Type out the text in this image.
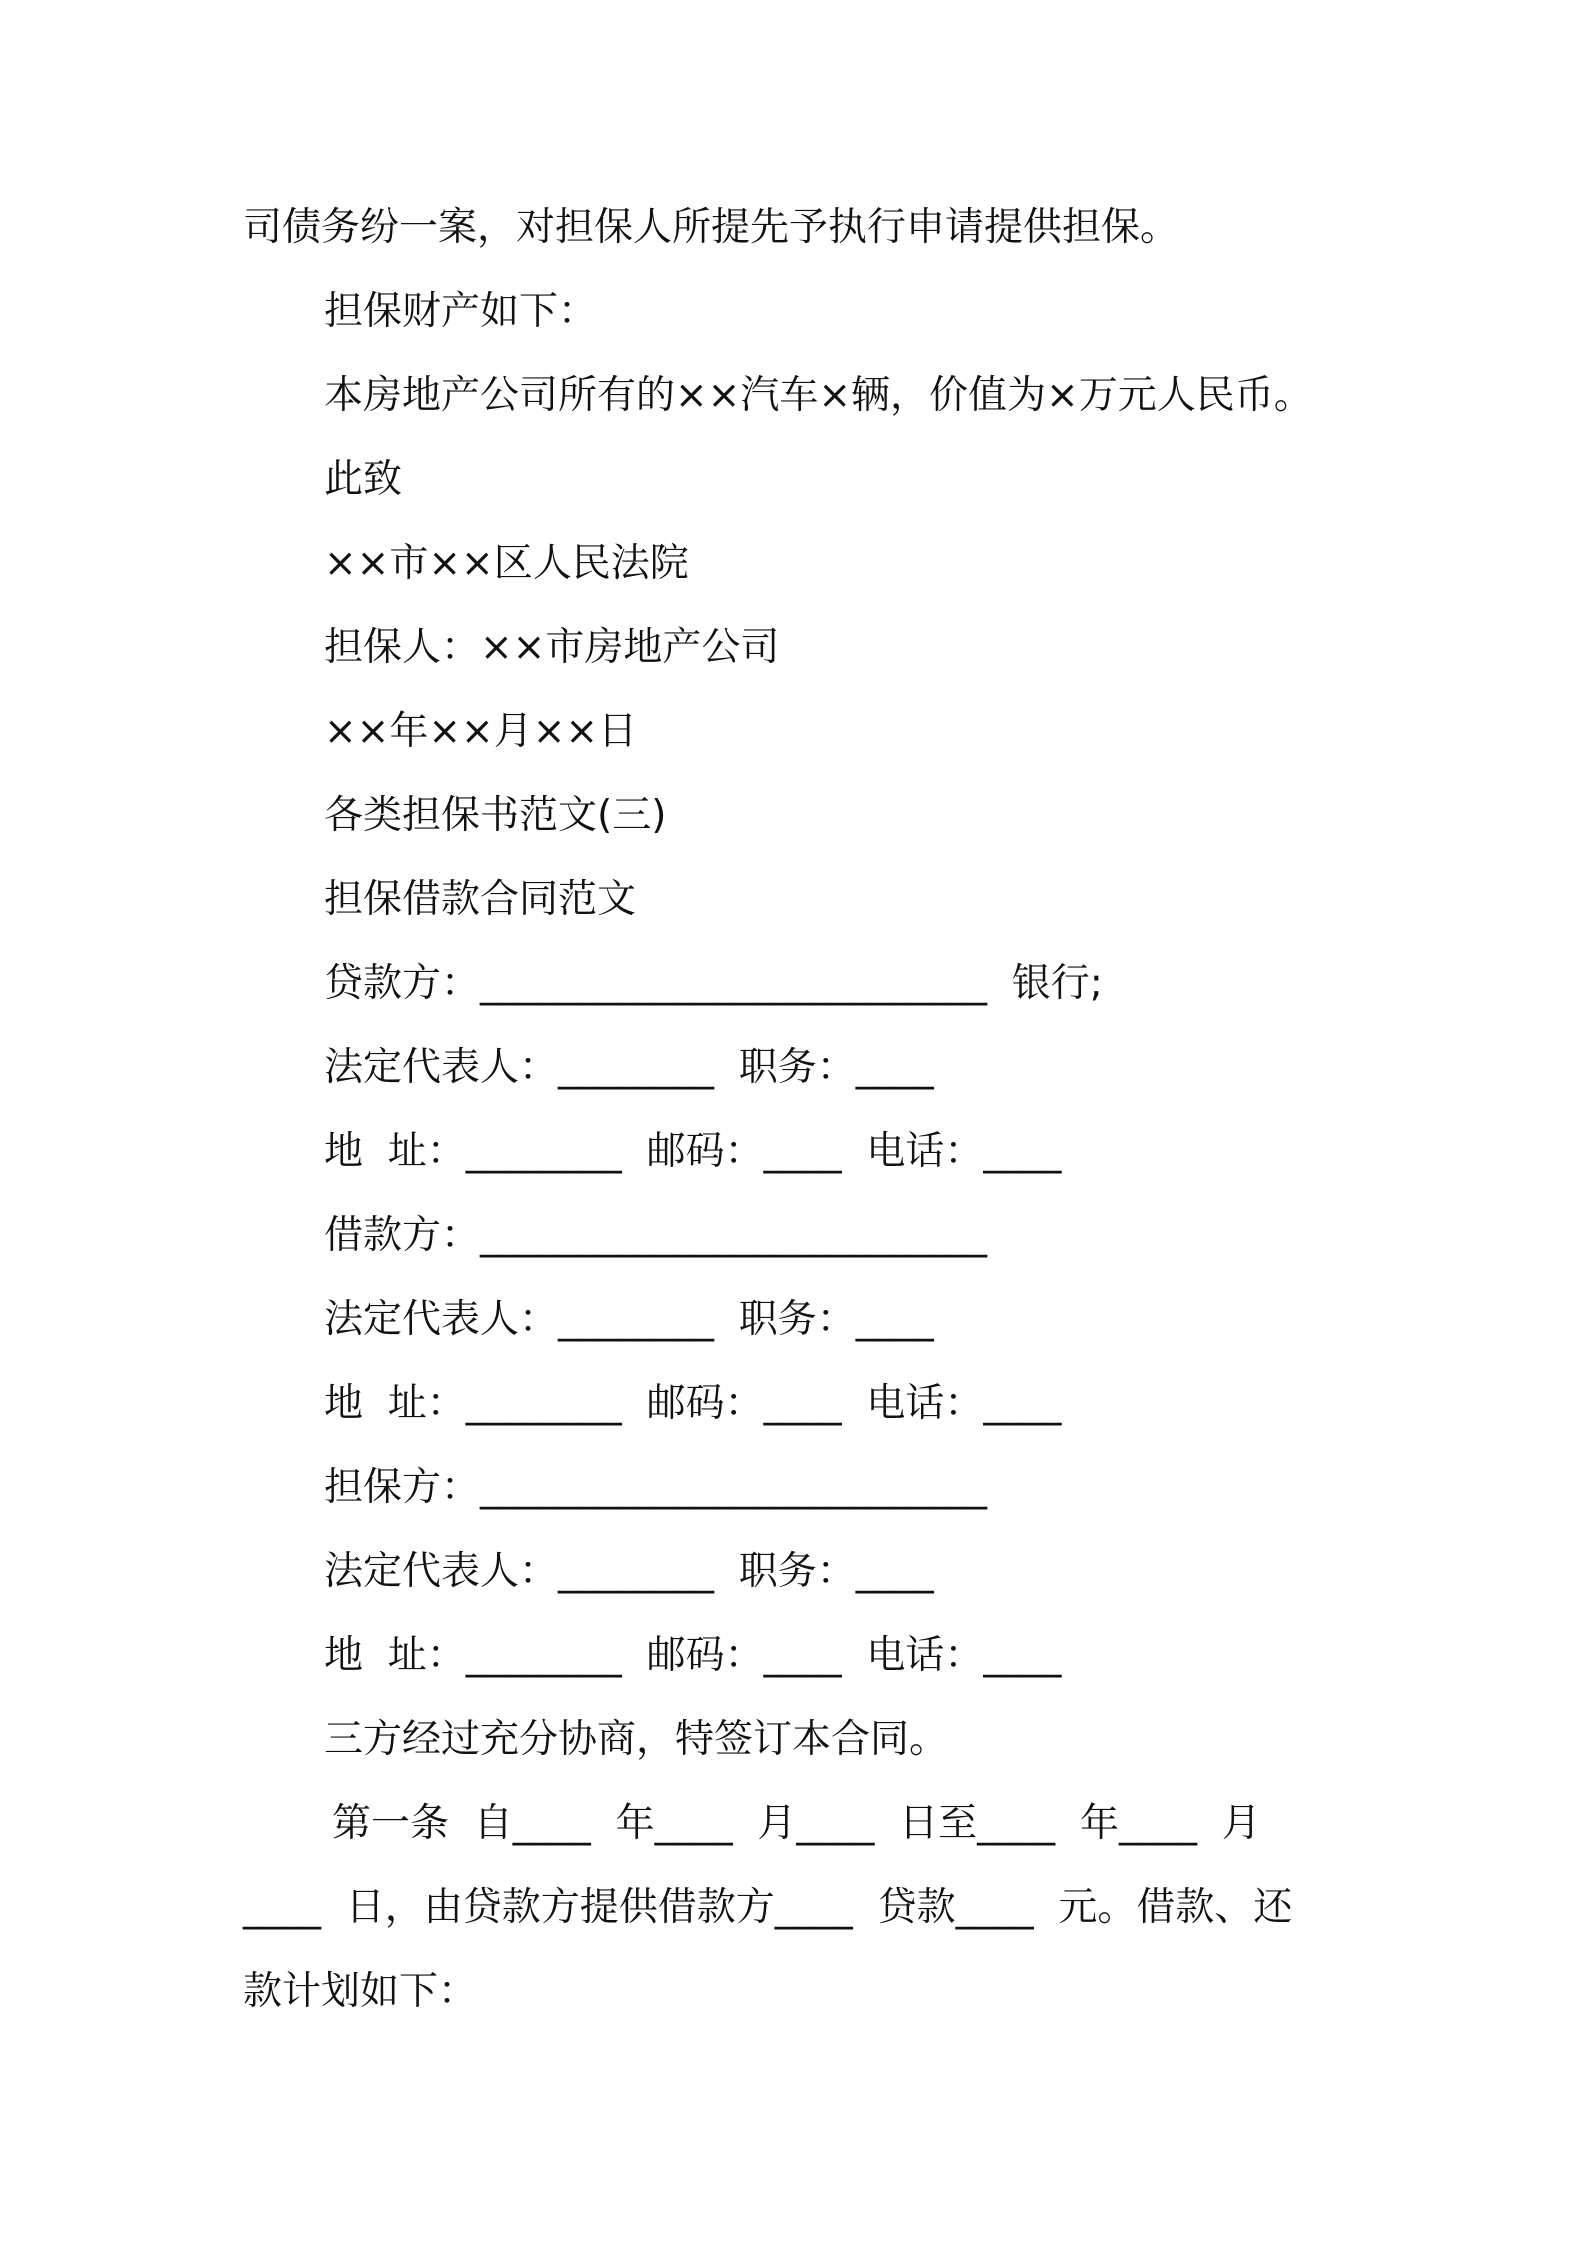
司债务纷一案，对担保人所提先予执行申请提供担保。
担保财产如下：
本房地产公司所有的××汽车×辆，价值为×万元人民币。
此致
××市××区人民法院
担保人：××市房地产公司
××年××月××日
各类担保书范文(三)
担保借款合同范文
贷款方：__________________________  银行;
法定代表人：________  职务：____
地  址：________  邮码：____  电话：____
借款方：__________________________
法定代表人：________  职务：____
地  址：________  邮码：____  电话：____
担保方：__________________________
法定代表人：________  职务：____
地  址：________  邮码：____  电话：____
三方经过充分协商，特签订本合同。
第一条  自____  年____  月____  日至____  年____  月
____  日，由贷款方提供借款方____  贷款____  元。借款、还
款计划如下：
